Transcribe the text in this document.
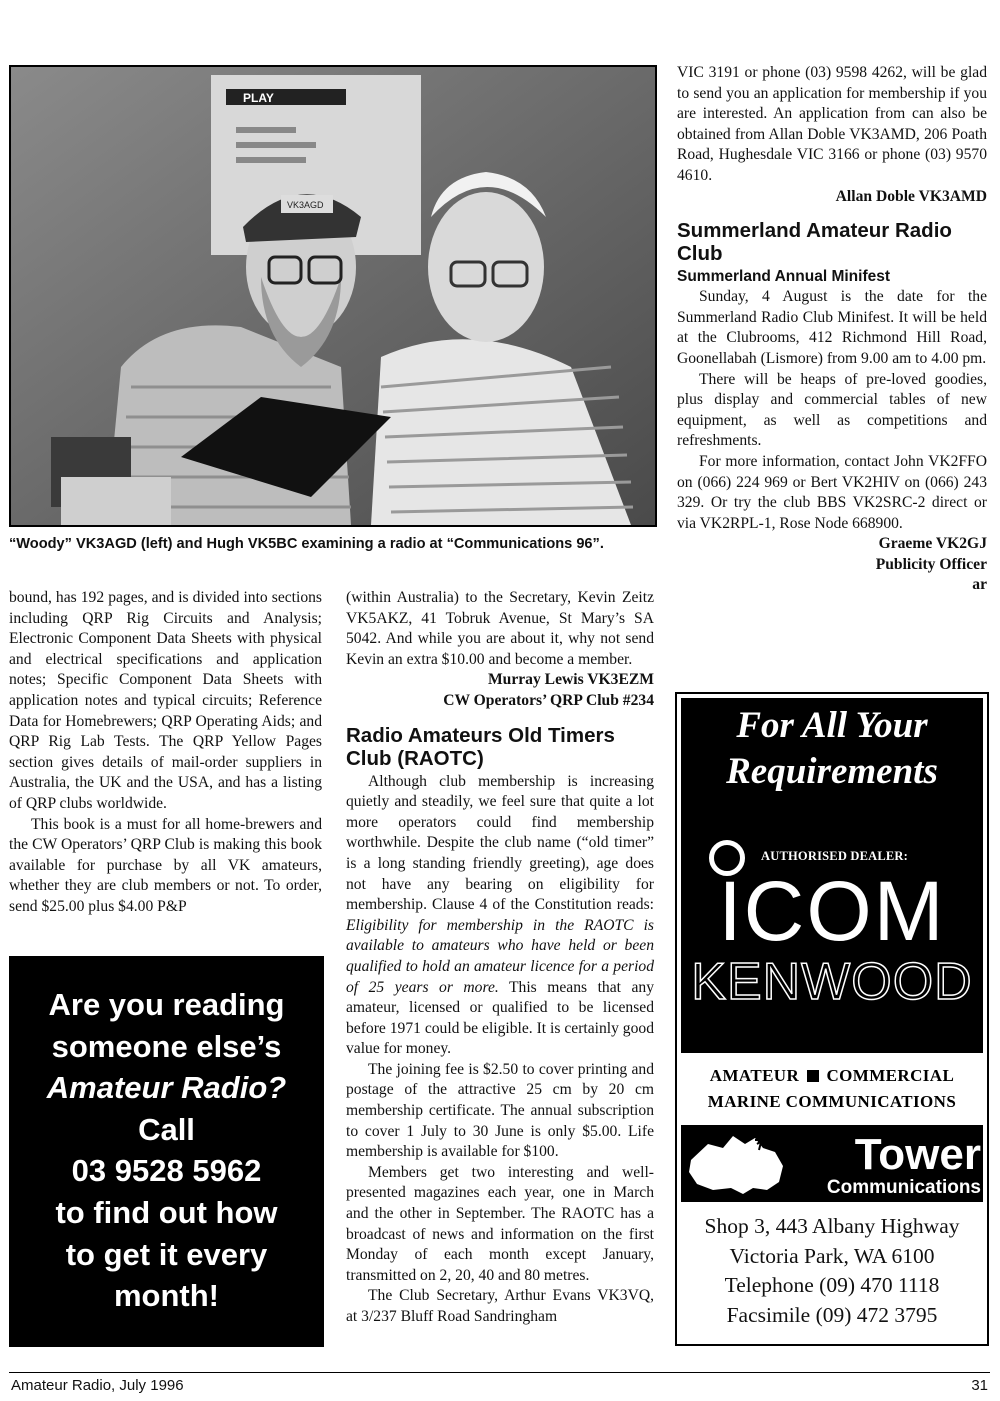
PLAY
VK3AGD
“Woody” VK3AGD (left) and Hugh VK5BC examining a radio at “Communications 96”.

bound, has 192 pages, and is divided into sections including QRP Rig Circuits and Analysis; Electronic Component Data Sheets with physical and electrical specifications and application notes; Specific Component Data Sheets with application notes and typical circuits; Reference Data for Homebrewers; QRP Operating Aids; and QRP Rig Lab Tests. The QRP Yellow Pages section gives details of mail-order suppliers in Australia, the UK and the USA, and has a listing of QRP clubs worldwide.

This book is a must for all home-brewers and the CW Operators’ QRP Club is making this book available for purchase by all VK amateurs, whether they are club members or not. To order, send $25.00 plus $4.00 P&P

(within Australia) to the Secretary, Kevin Zeitz VK5AKZ, 41 Tobruk Avenue, St Mary’s SA 5042. And while you are about it, why not send Kevin an extra $10.00 and become a member.

Murray Lewis VK3EZM

CW Operators’ QRP Club #234

Radio Amateurs Old Timers Club (RAOTC)

Although club membership is increasing quietly and steadily, we feel sure that quite a lot more operators could find membership worthwhile. Despite the club name (“old timer” is a long standing friendly greeting), age does not have any bearing on eligibility for membership. Clause 4 of the Constitution reads: Eligibility for membership in the RAOTC is available to amateurs who have held or been qualified to hold an amateur licence for a period of 25 years or more. This means that any amateur, licensed or qualified to be licensed before 1971 could be eligible. It is certainly good value for money.

The joining fee is $2.50 to cover printing and postage of the attractive 25 cm by 20 cm membership certificate. The annual subscription to cover 1 July to 30 June is only $5.00. Life membership is available for $100.

Members get two interesting and well-presented magazines each year, one in March and the other in September. The RAOTC has a broadcast of news and information on the first Monday of each month except January, transmitted on 2, 20, 40 and 80 metres.

The Club Secretary, Arthur Evans VK3VQ, at 3/237 Bluff Road Sandringham

VIC 3191 or phone (03) 9598 4262, will be glad to send you an application for membership if you are interested. An application from can also be obtained from Allan Doble VK3AMD, 206 Poath Road, Hughesdale VIC 3166 or phone (03) 9570 4610.

Allan Doble VK3AMD

Summerland Amateur Radio Club
Summerland Annual Minifest

Sunday, 4 August is the date for the Summerland Radio Club Minifest. It will be held at the Clubrooms, 412 Richmond Hill Road, Goonellabah (Lismore) from 9.00 am to 4.00 pm.

There will be heaps of pre-loved goodies, plus display and commercial tables of new equipment, as well as competitions and refreshments.

For more information, contact John VK2FFO on (066) 224 969 or Bert VK2HIV on (066) 243 329. Or try the club BBS VK2SRC-2 direct or via VK2RPL-1, Rose Node 668900.

Graeme VK2GJ

Publicity Officer

ar

Are you reading
someone else’s
Amateur Radio?
Call
03 9528 5962
to find out how
to get it every
month!
For All Your
Requirements
AUTHORISED DEALER:
ICOM
KENWOOD
AMATEUR COMMERCIAL
MARINE COMMUNICATIONS
Tower
Communications
Shop 3, 443 Albany Highway
Victoria Park, WA 6100
Telephone (09) 470 1118
Facsimile (09) 472 3795
Amateur Radio, July 1996	31
